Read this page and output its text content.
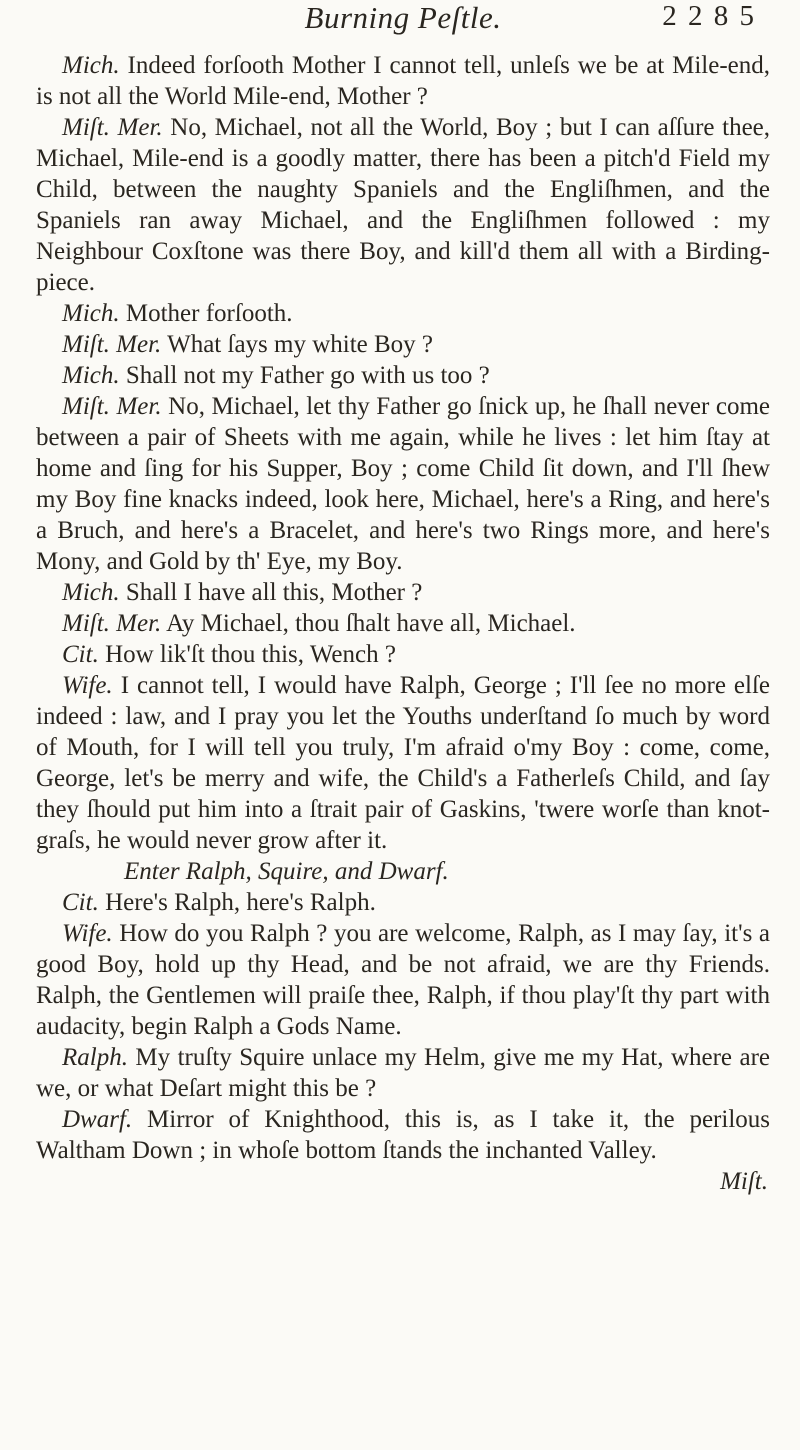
Burning Peſtle.	2 2 8 5

Mich. Indeed forſooth Mother I cannot tell, unleſs we be at Mile-end, is not all the World Mile-end, Mother ?

Miſt. Mer. No, Michael, not all the World, Boy ; but I can aſſure thee, Michael, Mile-end is a goodly matter, there has been a pitch'd Field my Child, between the naughty Spaniels and the Engliſhmen, and the Spaniels ran away Michael, and the Engliſhmen followed : my Neighbour Coxſtone was there Boy, and kill'd them all with a Birding-piece.

Mich. Mother forſooth.

Miſt. Mer. What ſays my white Boy ?

Mich. Shall not my Father go with us too ?

Miſt. Mer. No, Michael, let thy Father go ſnick up, he ſhall never come between a pair of Sheets with me again, while he lives : let him ſtay at home and ſing for his Supper, Boy ; come Child ſit down, and I'll ſhew my Boy fine knacks indeed, look here, Michael, here's a Ring, and here's a Bruch, and here's a Bracelet, and here's two Rings more, and here's Mony, and Gold by th' Eye, my Boy.

Mich. Shall I have all this, Mother ?

Miſt. Mer. Ay Michael, thou ſhalt have all, Michael.

Cit. How lik'ſt thou this, Wench ?

Wife. I cannot tell, I would have Ralph, George ; I'll ſee no more elſe indeed : law, and I pray you let the Youths underſtand ſo much by word of Mouth, for I will tell you truly, I'm afraid o'my Boy : come, come, George, let's be merry and wife, the Child's a Fatherleſs Child, and ſay they ſhould put him into a ſtrait pair of Gaskins, 'twere worſe than knot-graſs, he would never grow after it.

Enter Ralph, Squire, and Dwarf.

Cit. Here's Ralph, here's Ralph.

Wife. How do you Ralph ? you are welcome, Ralph, as I may ſay, it's a good Boy, hold up thy Head, and be not afraid, we are thy Friends. Ralph, the Gentlemen will praiſe thee, Ralph, if thou play'ſt thy part with audacity, begin Ralph a Gods Name.

Ralph. My truſty Squire unlace my Helm, give me my Hat, where are we, or what Deſart might this be ?

Dwarf. Mirror of Knighthood, this is, as I take it, the perilous Waltham Down ; in whoſe bottom ſtands the inchanted Valley.

Miſt.
